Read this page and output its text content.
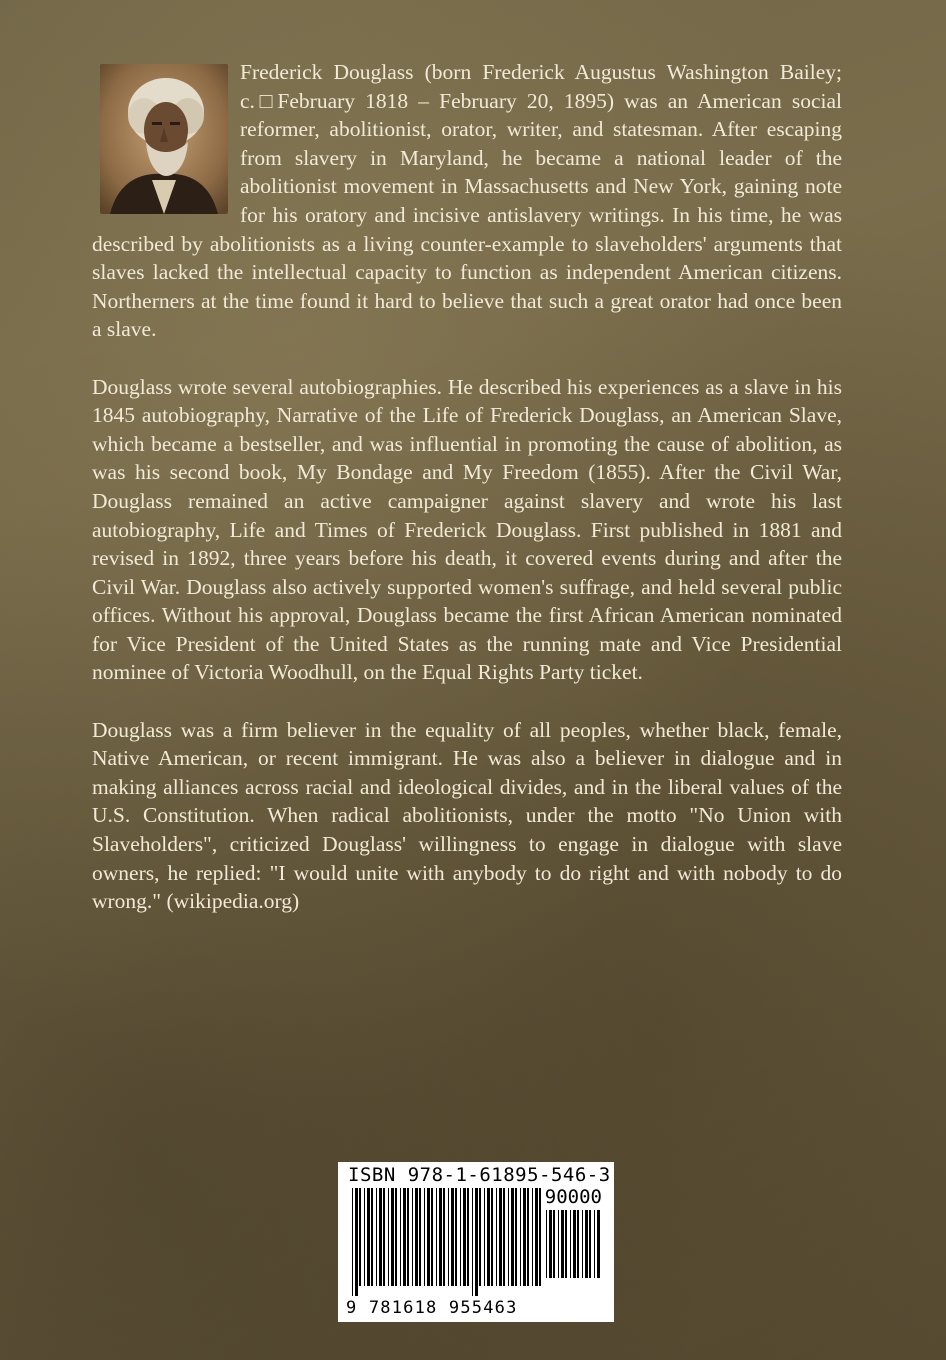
Frederick Douglass (born Frederick Augustus Washington Bailey; c.□February 1818 – February 20, 1895) was an American social reformer, abolitionist, orator, writer, and statesman. After escaping from slavery in Maryland, he became a national leader of the abolitionist movement in Massachusetts and New York, gaining note for his oratory and incisive antislavery writings. In his time, he was described by abolitionists as a living counter-example to slaveholders' arguments that slaves lacked the intellectual capacity to function as independent American citizens. Northerners at the time found it hard to believe that such a great orator had once been a slave.

Douglass wrote several autobiographies. He described his experiences as a slave in his 1845 autobiography, Narrative of the Life of Frederick Douglass, an American Slave, which became a bestseller, and was influential in promoting the cause of abolition, as was his second book, My Bondage and My Freedom (1855). After the Civil War, Douglass remained an active campaigner against slavery and wrote his last autobiography, Life and Times of Frederick Douglass. First published in 1881 and revised in 1892, three years before his death, it covered events during and after the Civil War. Douglass also actively supported women's suffrage, and held several public offices. Without his approval, Douglass became the first African American nominated for Vice President of the United States as the running mate and Vice Presidential nominee of Victoria Woodhull, on the Equal Rights Party ticket.

Douglass was a firm believer in the equality of all peoples, whether black, female, Native American, or recent immigrant. He was also a believer in dialogue and in making alliances across racial and ideological divides, and in the liberal values of the U.S. Constitution. When radical abolitionists, under the motto "No Union with Slaveholders", criticized Douglass' willingness to engage in dialogue with slave owners, he replied: "I would unite with anybody to do right and with nobody to do wrong." (wikipedia.org)

ISBN 978-1-61895-546-3
90000
9 781618 955463
